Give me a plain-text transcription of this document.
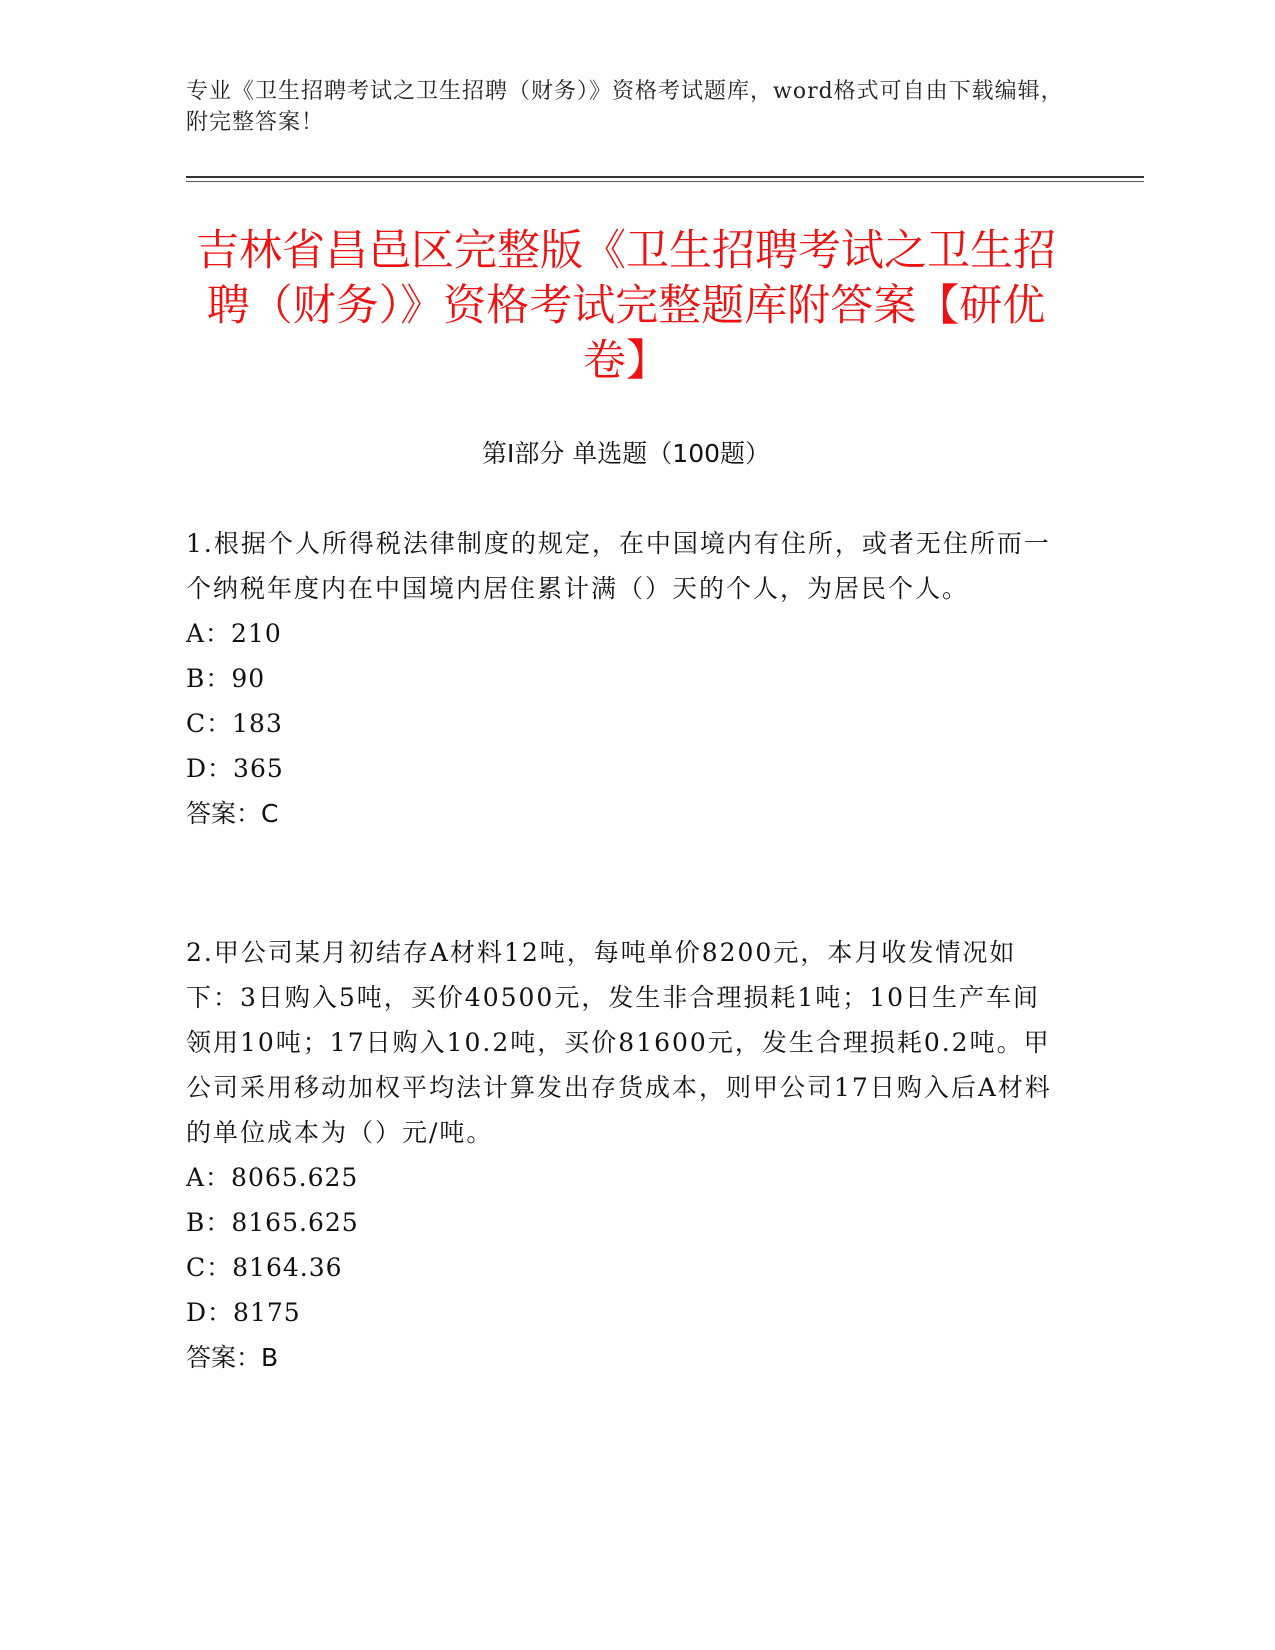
专业《卫生招聘考试之卫生招聘（财务）》资格考试题库，word格式可自由下载编辑，附完整答案！
吉林省昌邑区完整版《卫生招聘考试之卫生招聘（财务）》资格考试完整题库附答案【研优卷】
第Ⅰ部分 单选题（100题）

1.根据个人所得税法律制度的规定，在中国境内有住所，或者无住所而一个纳税年度内在中国境内居住累计满（）天的个人，为居民个人。

A：210

B：90

C：183

D：365

答案：C

2.甲公司某月初结存A材料12吨，每吨单价8200元，本月收发情况如下：3日购入5吨，买价40500元，发生非合理损耗1吨；10日生产车间领用10吨；17日购入10.2吨，买价81600元，发生合理损耗0.2吨。甲公司采用移动加权平均法计算发出存货成本，则甲公司17日购入后A材料的单位成本为（）元/吨。

A：8065.625

B：8165.625

C：8164.36

D：8175

答案：B
